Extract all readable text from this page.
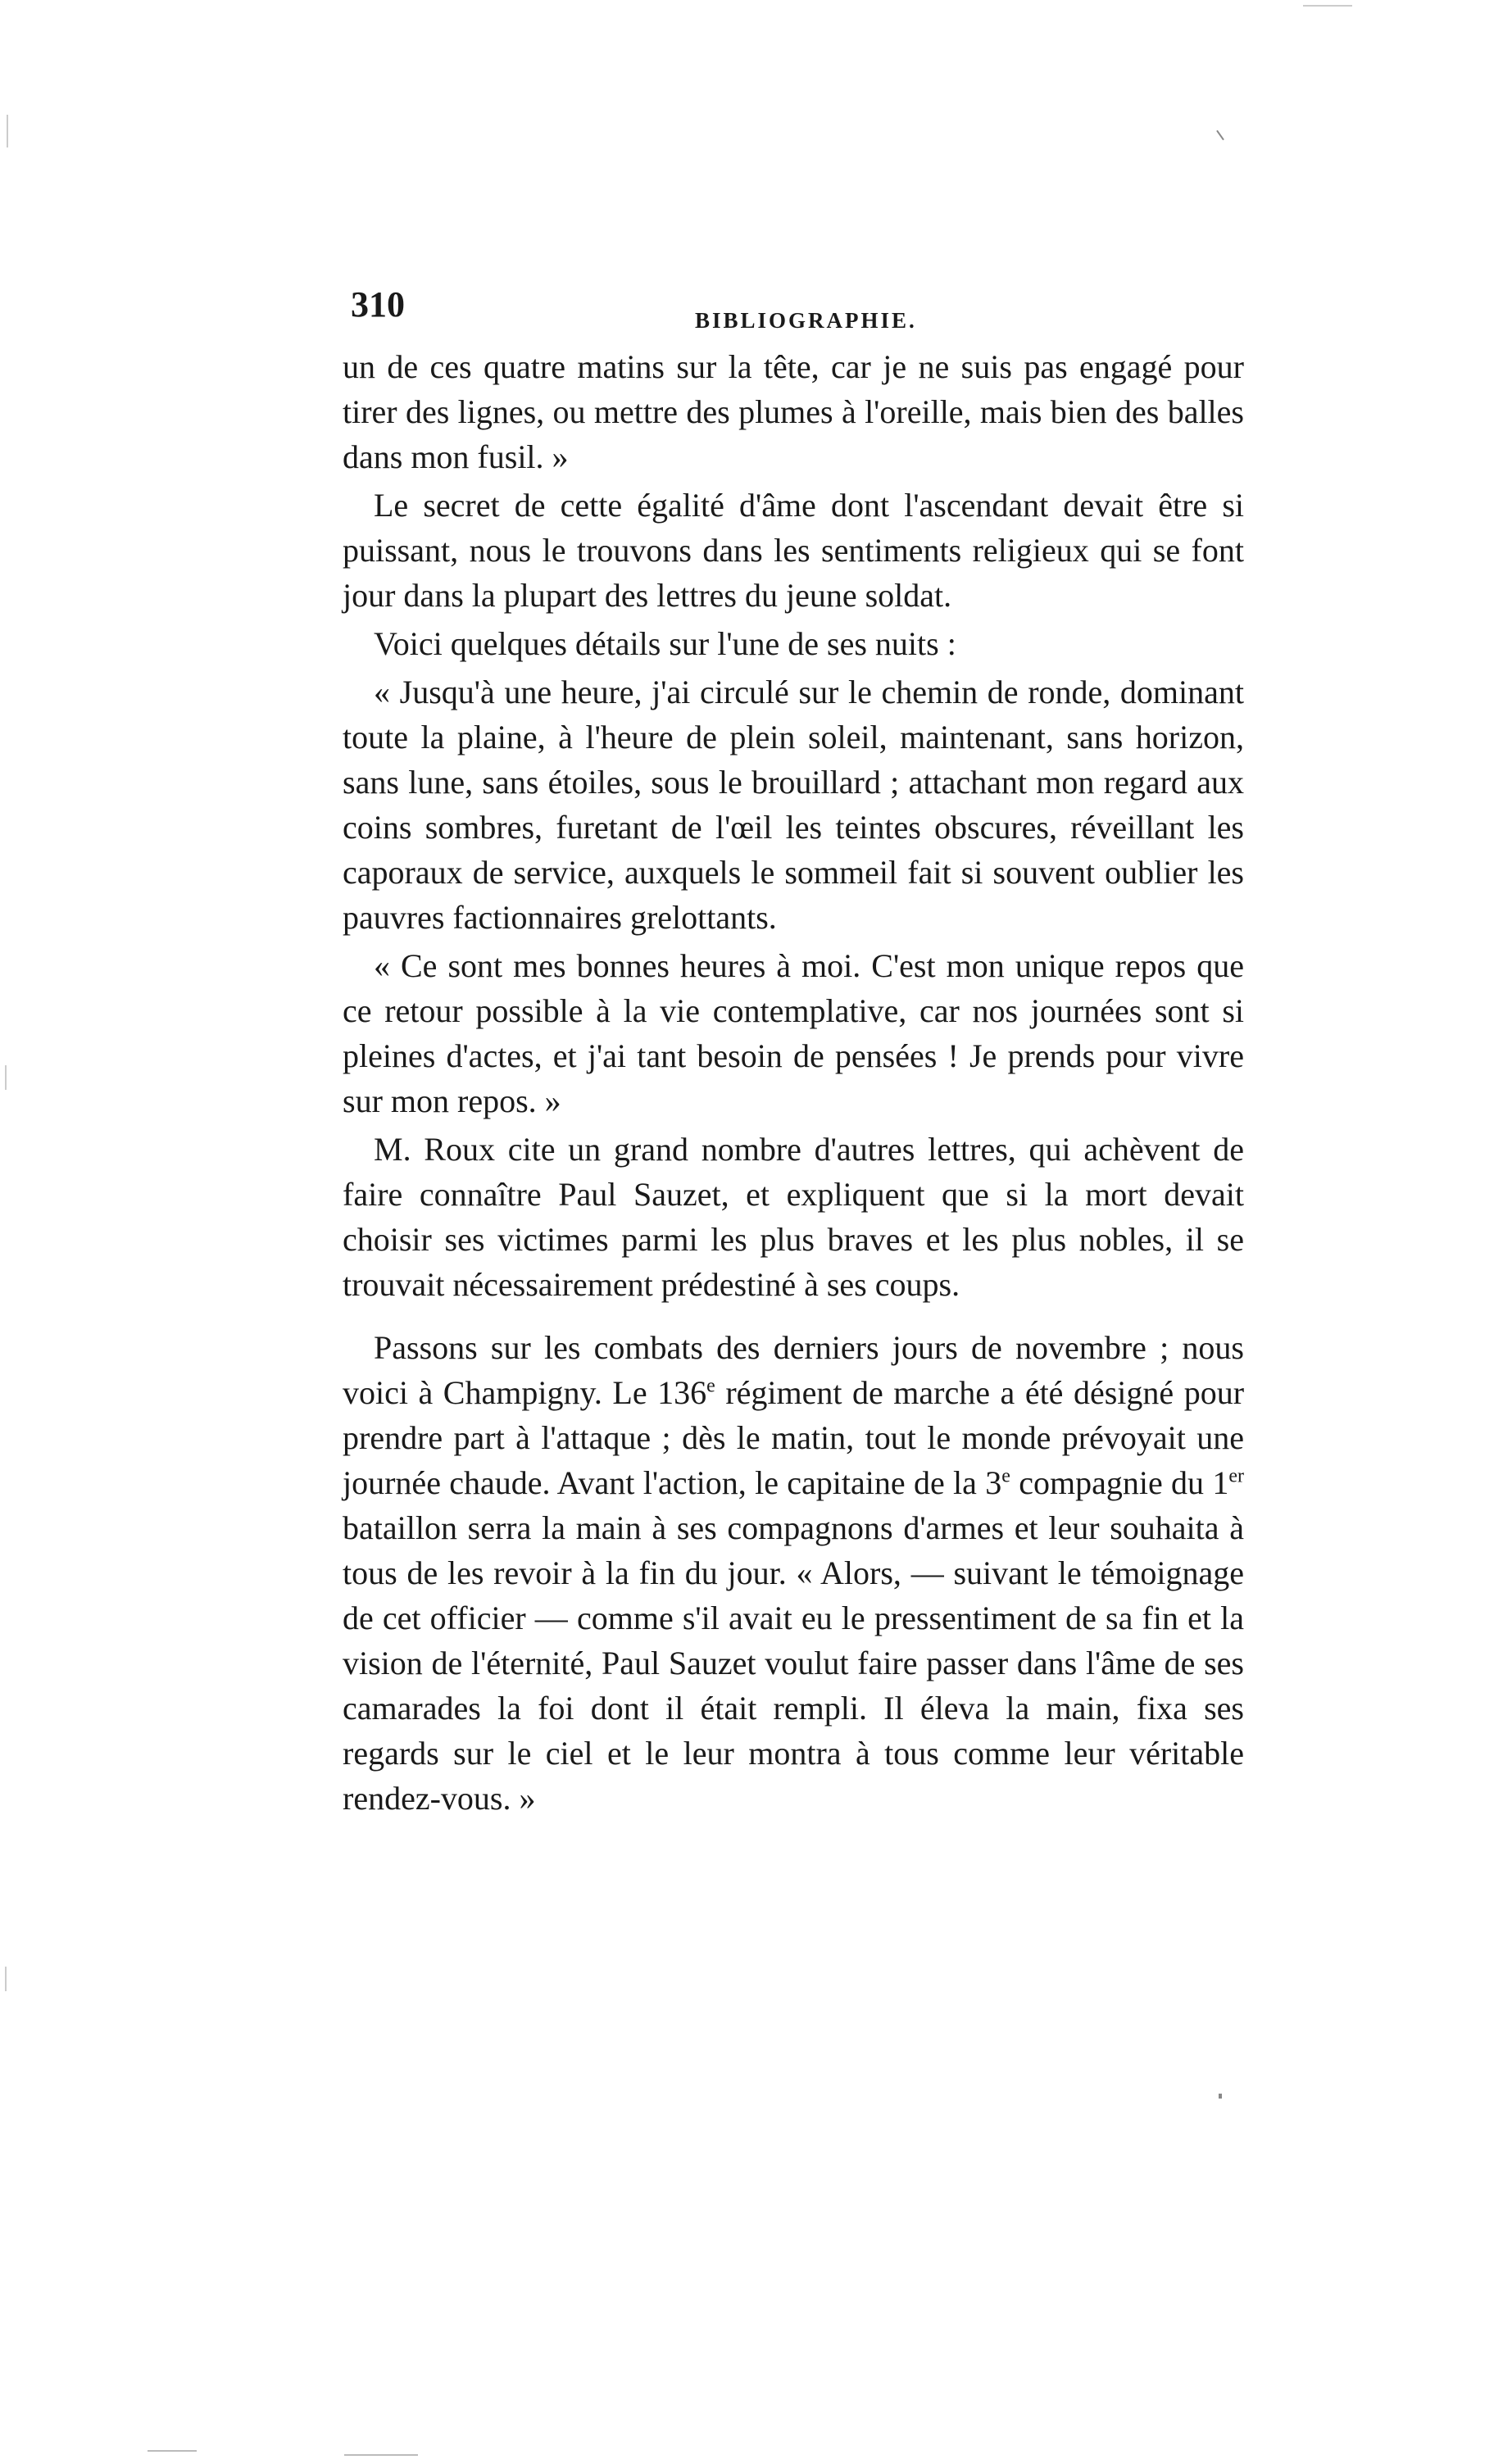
310	BIBLIOGRAPHIE.

un de ces quatre matins sur la tête, car je ne suis pas engagé pour tirer des lignes, ou mettre des plumes à l'oreille, mais bien des balles dans mon fusil. »

Le secret de cette égalité d'âme dont l'ascendant devait être si puissant, nous le trouvons dans les sentiments religieux qui se font jour dans la plupart des lettres du jeune soldat.

Voici quelques détails sur l'une de ses nuits :

« Jusqu'à une heure, j'ai circulé sur le chemin de ronde, dominant toute la plaine, à l'heure de plein soleil, maintenant, sans horizon, sans lune, sans étoiles, sous le brouillard ; attachant mon regard aux coins sombres, furetant de l'œil les teintes obscures, réveillant les caporaux de service, auxquels le sommeil fait si souvent oublier les pauvres factionnaires grelottants.

« Ce sont mes bonnes heures à moi. C'est mon unique repos que ce retour possible à la vie contemplative, car nos journées sont si pleines d'actes, et j'ai tant besoin de pensées ! Je prends pour vivre sur mon repos. »

M. Roux cite un grand nombre d'autres lettres, qui achèvent de faire connaître Paul Sauzet, et expliquent que si la mort devait choisir ses victimes parmi les plus braves et les plus nobles, il se trouvait nécessairement prédestiné à ses coups.

Passons sur les combats des derniers jours de novembre ; nous voici à Champigny. Le 136e régiment de marche a été désigné pour prendre part à l'attaque ; dès le matin, tout le monde prévoyait une journée chaude. Avant l'action, le capitaine de la 3e compagnie du 1er bataillon serra la main à ses compagnons d'armes et leur souhaita à tous de les revoir à la fin du jour. « Alors, — suivant le témoignage de cet officier — comme s'il avait eu le pressentiment de sa fin et la vision de l'éternité, Paul Sauzet voulut faire passer dans l'âme de ses camarades la foi dont il était rempli. Il éleva la main, fixa ses regards sur le ciel et le leur montra à tous comme leur véritable rendez-vous. »
